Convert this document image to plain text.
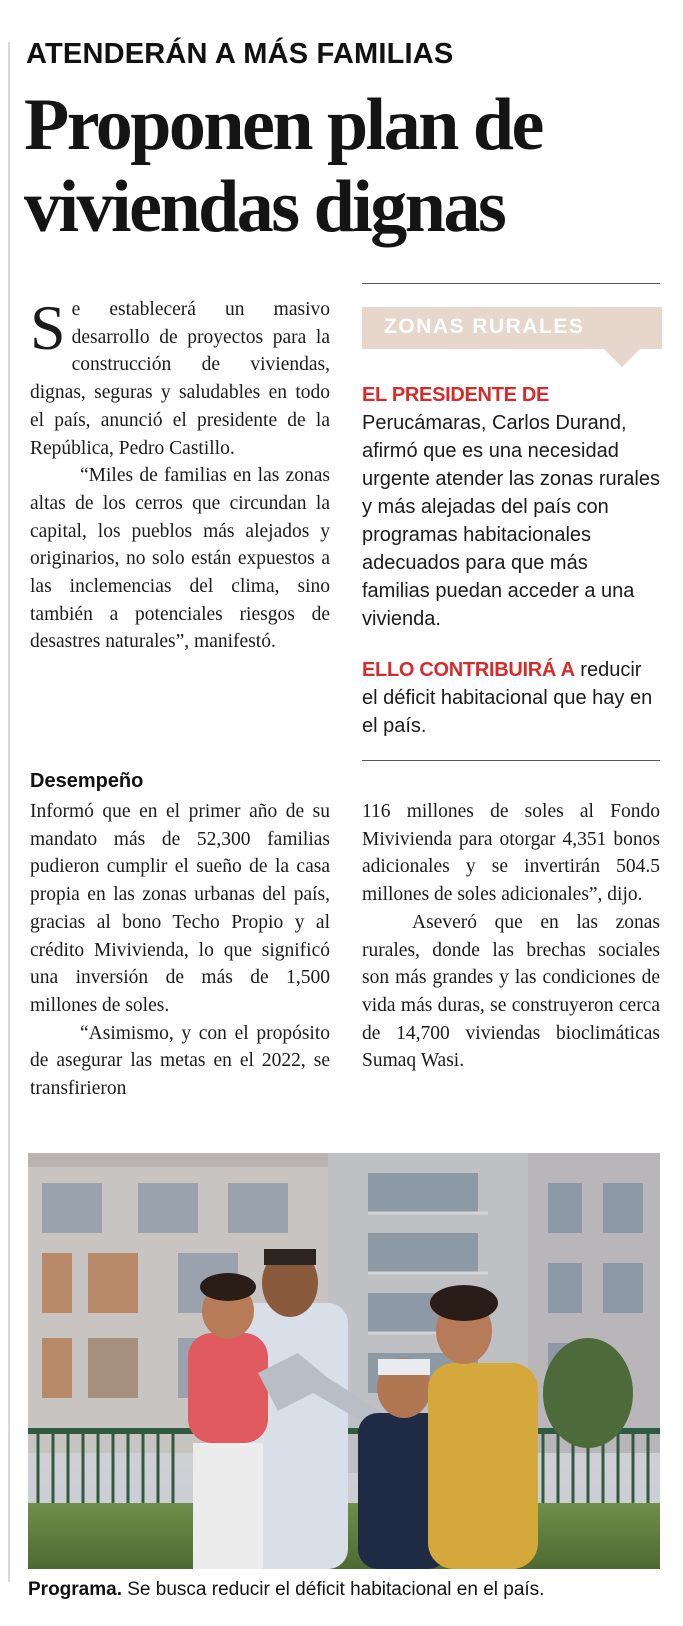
ATENDERÁN A MÁS FAMILIAS
Proponen plan de viviendas dignas

Se establecerá un masivo desarrollo de proyectos para la construcción de viviendas, dignas, seguras y saludables en todo el país, anunció el presidente de la República, Pedro Castillo.

“Miles de familias en las zonas altas de los cerros que circundan la capital, los pueblos más alejados y originarios, no solo están expuestos a las inclemencias del clima, sino también a potenciales riesgos de desastres naturales”, manifestó.

Desempeño

Informó que en el primer año de su mandato más de 52,300 familias pudieron cumplir el sueño de la casa propia en las zonas urbanas del país, gracias al bono Techo Propio y al crédito Mivivienda, lo que significó una inversión de más de 1,500 millones de soles.

“Asimismo, y con el propósito de asegurar las metas en el 2022, se transfirieron

116 millones de soles al Fondo Mivivienda para otorgar 4,351 bonos adicionales y se invertirán 504.5 millones de soles adicionales”, dijo.

Aseveró que en las zonas rurales, donde las brechas sociales son más grandes y las condiciones de vida más duras, se construyeron cerca de 14,700 viviendas bioclimáticas Sumaq Wasi.

ZONAS RURALES

EL PRESIDENTE DE Perucámaras, Carlos Durand, afirmó que es una necesidad urgente atender las zonas rurales y más alejadas del país con programas habitacionales adecuados para que más familias puedan acceder a una vivienda.

ELLO CONTRIBUIRÁ A reducir el déficit habitacional que hay en el país.

Programa. Se busca reducir el déficit habitacional en el país.
